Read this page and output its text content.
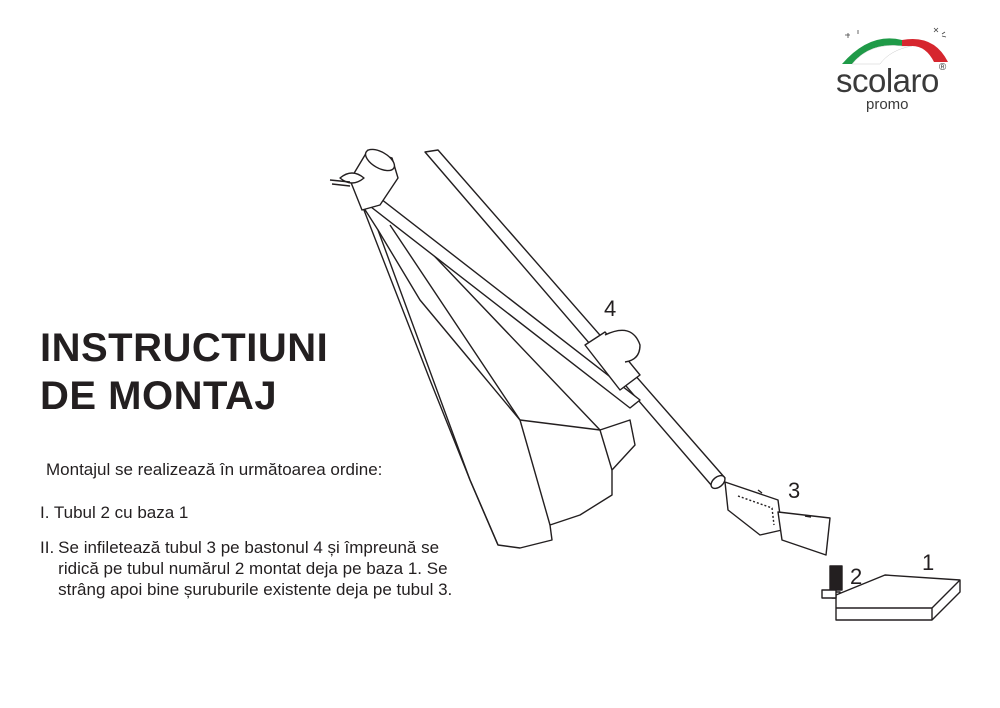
scolaro®
promo
INSTRUCTIUNI
DE MONTAJ
Montajul se realizează în următoarea ordine:
I. Tubul 2 cu baza 1
II. Se infiletează tubul 3 pe bastonul 4 și împreună se ridică pe tubul numărul 2 montat deja pe baza 1. Se strâng apoi bine șuruburile existente deja pe tubul 3.
4
3
2
1
